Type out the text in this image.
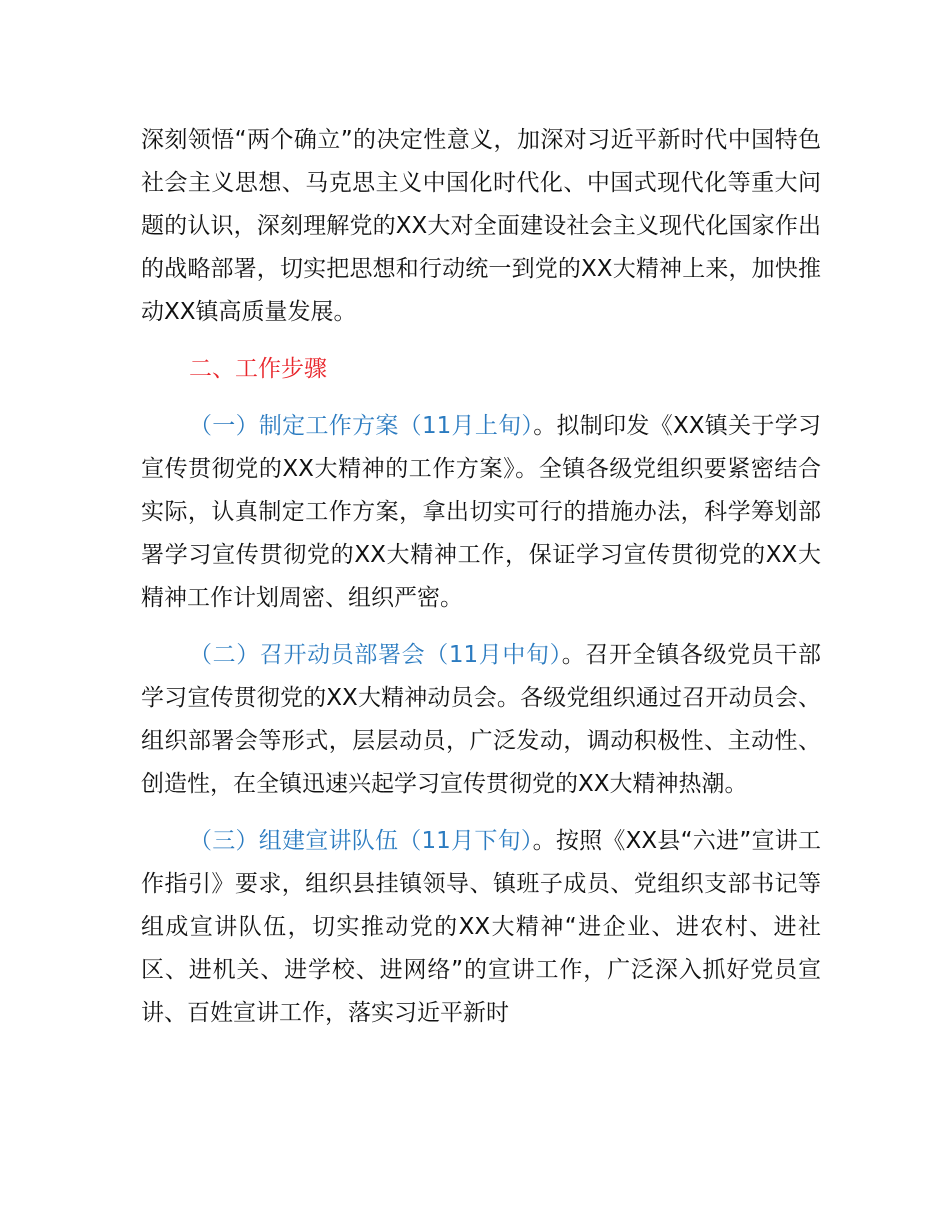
深刻领悟“两个确立”的决定性意义，加深对习近平新时代中国特色社会主义思想、马克思主义中国化时代化、中国式现代化等重大问题的认识，深刻理解党的XX大对全面建设社会主义现代化国家作出的战略部署，切实把思想和行动统一到党的XX大精神上来，加快推动XX镇高质量发展。

二、工作步骤

（一）制定工作方案（11月上旬）。拟制印发《XX镇关于学习宣传贯彻党的XX大精神的工作方案》。全镇各级党组织要紧密结合实际，认真制定工作方案，拿出切实可行的措施办法，科学筹划部署学习宣传贯彻党的XX大精神工作，保证学习宣传贯彻党的XX大精神工作计划周密、组织严密。

（二）召开动员部署会（11月中旬）。召开全镇各级党员干部学习宣传贯彻党的XX大精神动员会。各级党组织通过召开动员会、组织部署会等形式，层层动员，广泛发动，调动积极性、主动性、创造性，在全镇迅速兴起学习宣传贯彻党的XX大精神热潮。

（三）组建宣讲队伍（11月下旬）。按照《XX县“六进”宣讲工作指引》要求，组织县挂镇领导、镇班子成员、党组织支部书记等组成宣讲队伍，切实推动党的XX大精神“进企业、进农村、进社区、进机关、进学校、进网络”的宣讲工作，广泛深入抓好党员宣讲、百姓宣讲工作，落实习近平新时
